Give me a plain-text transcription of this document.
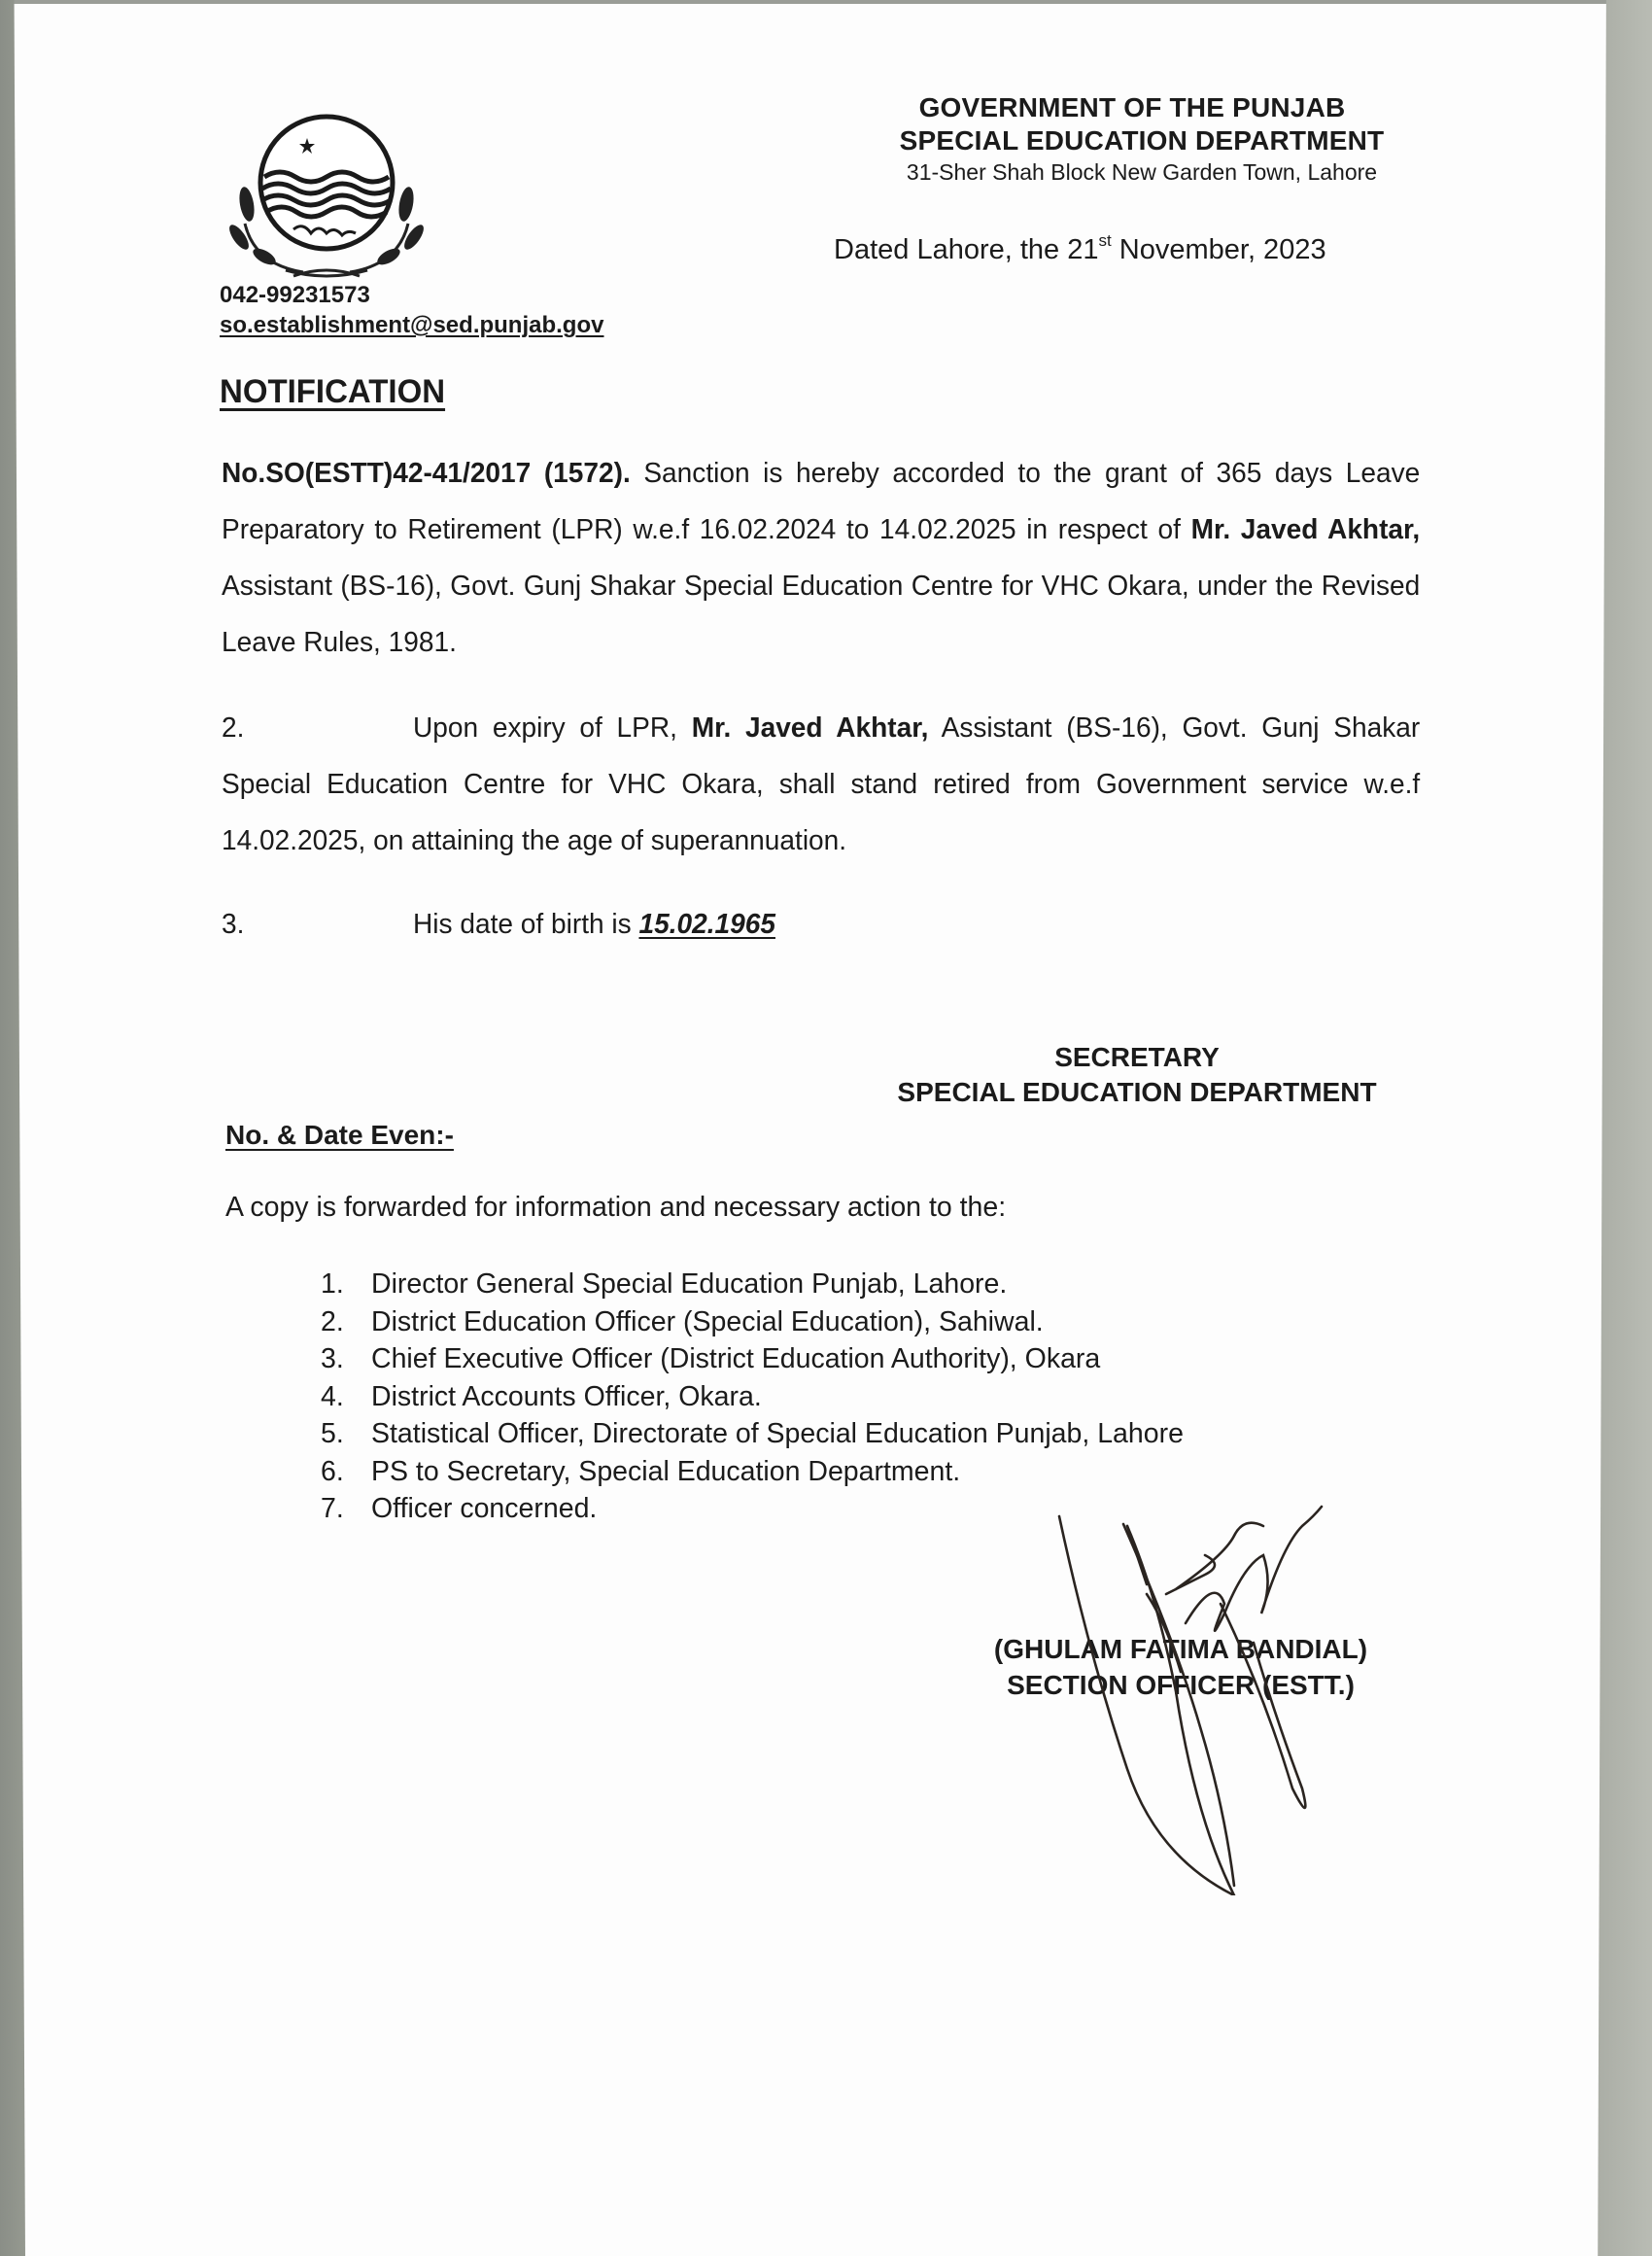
042-99231573
so.establishment@sed.punjab.gov
GOVERNMENT OF THE PUNJAB
SPECIAL EDUCATION DEPARTMENT
31-Sher Shah Block New Garden Town, Lahore
Dated Lahore, the 21st November, 2023
NOTIFICATION
No.SO(ESTT)42-41/2017 (1572). Sanction is hereby accorded to the grant of 365 days Leave Preparatory to Retirement (LPR) w.e.f 16.02.2024 to 14.02.2025 in respect of Mr. Javed Akhtar, Assistant (BS-16), Govt. Gunj Shakar Special Education Centre for VHC Okara, under the Revised Leave Rules, 1981.
2.	Upon expiry of LPR, Mr. Javed Akhtar, Assistant (BS-16), Govt. Gunj Shakar Special Education Centre for VHC Okara, shall stand retired from Government service w.e.f 14.02.2025, on attaining the age of superannuation.
3.	His date of birth is 15.02.1965
SECRETARY
SPECIAL EDUCATION DEPARTMENT
No. & Date Even:-
A copy is forwarded for information and necessary action to the:
1. Director General Special Education Punjab, Lahore.
2. District Education Officer (Special Education), Sahiwal.
3. Chief Executive Officer (District Education Authority), Okara
4. District Accounts Officer, Okara.
5. Statistical Officer, Directorate of Special Education Punjab, Lahore
6. PS to Secretary, Special Education Department.
7. Officer concerned.
(GHULAM FATIMA BANDIAL)
SECTION OFFICER (ESTT.)
